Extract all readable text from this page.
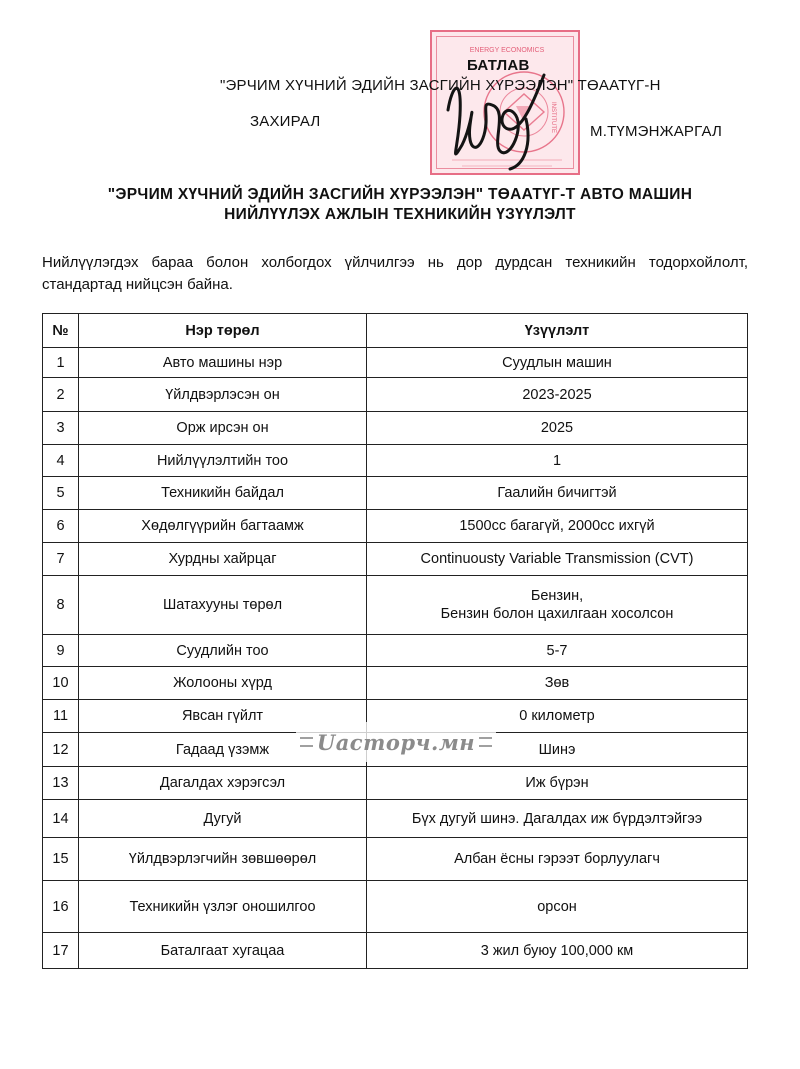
ENERGY ECONOMICS
INSTITUTE
БАТЛАВ
"ЭРЧИМ ХҮЧНИЙ ЭДИЙН ЗАСГИЙН ХҮРЭЭЛЭН" ТӨААТҮГ-Н
ЗАХИРАЛ
М.ТҮМЭНЖАРГАЛ
"ЭРЧИМ ХҮЧНИЙ ЭДИЙН ЗАСГИЙН ХҮРЭЭЛЭН" ТӨААТҮГ-Т АВТО МАШИН
НИЙЛҮҮЛЭХ АЖЛЫН ТЕХНИКИЙН ҮЗҮҮЛЭЛТ
Нийлүүлэгдэх бараа болон холбогдох үйлчилгээ нь дор дурдсан техникийн тодорхойлолт, стандартад нийцсэн байна.
№	Нэр төрөл	Үзүүлэлт
1	Авто машины нэр	Суудлын машин
2	Үйлдвэрлэсэн он	2023-2025
3	Орж ирсэн он	2025
4	Нийлүүлэлтийн тоо	1
5	Техникийн байдал	Гаалийн бичигтэй
6	Хөдөлгүүрийн багтаамж	1500cc багагүй, 2000cc ихгүй
7	Хурдны хайрцаг	Continuousty Variable Transmission (CVT)
8	Шатахууны төрөл	Бензин,
Бензин болон цахилгаан хосолсон
9	Суудлийн тоо	5-7
10	Жолооны хүрд	Зөв
11	Явсан гүйлт	0 километр
12	Гадаад үзэмж	Шинэ
13	Дагалдах хэрэгсэл	Иж бүрэн
14	Дугуй	Бүх дугуй шинэ. Дагалдах иж бүрдэлтэйгээ
15	Үйлдвэрлэгчийн зөвшөөрөл	Албан ёсны гэрээт борлуулагч
16	Техникийн үзлэг оношилгоо	орсон
17	Баталгаат хугацаа	3 жил буюу 100,000 км
Uacmopч.мн
